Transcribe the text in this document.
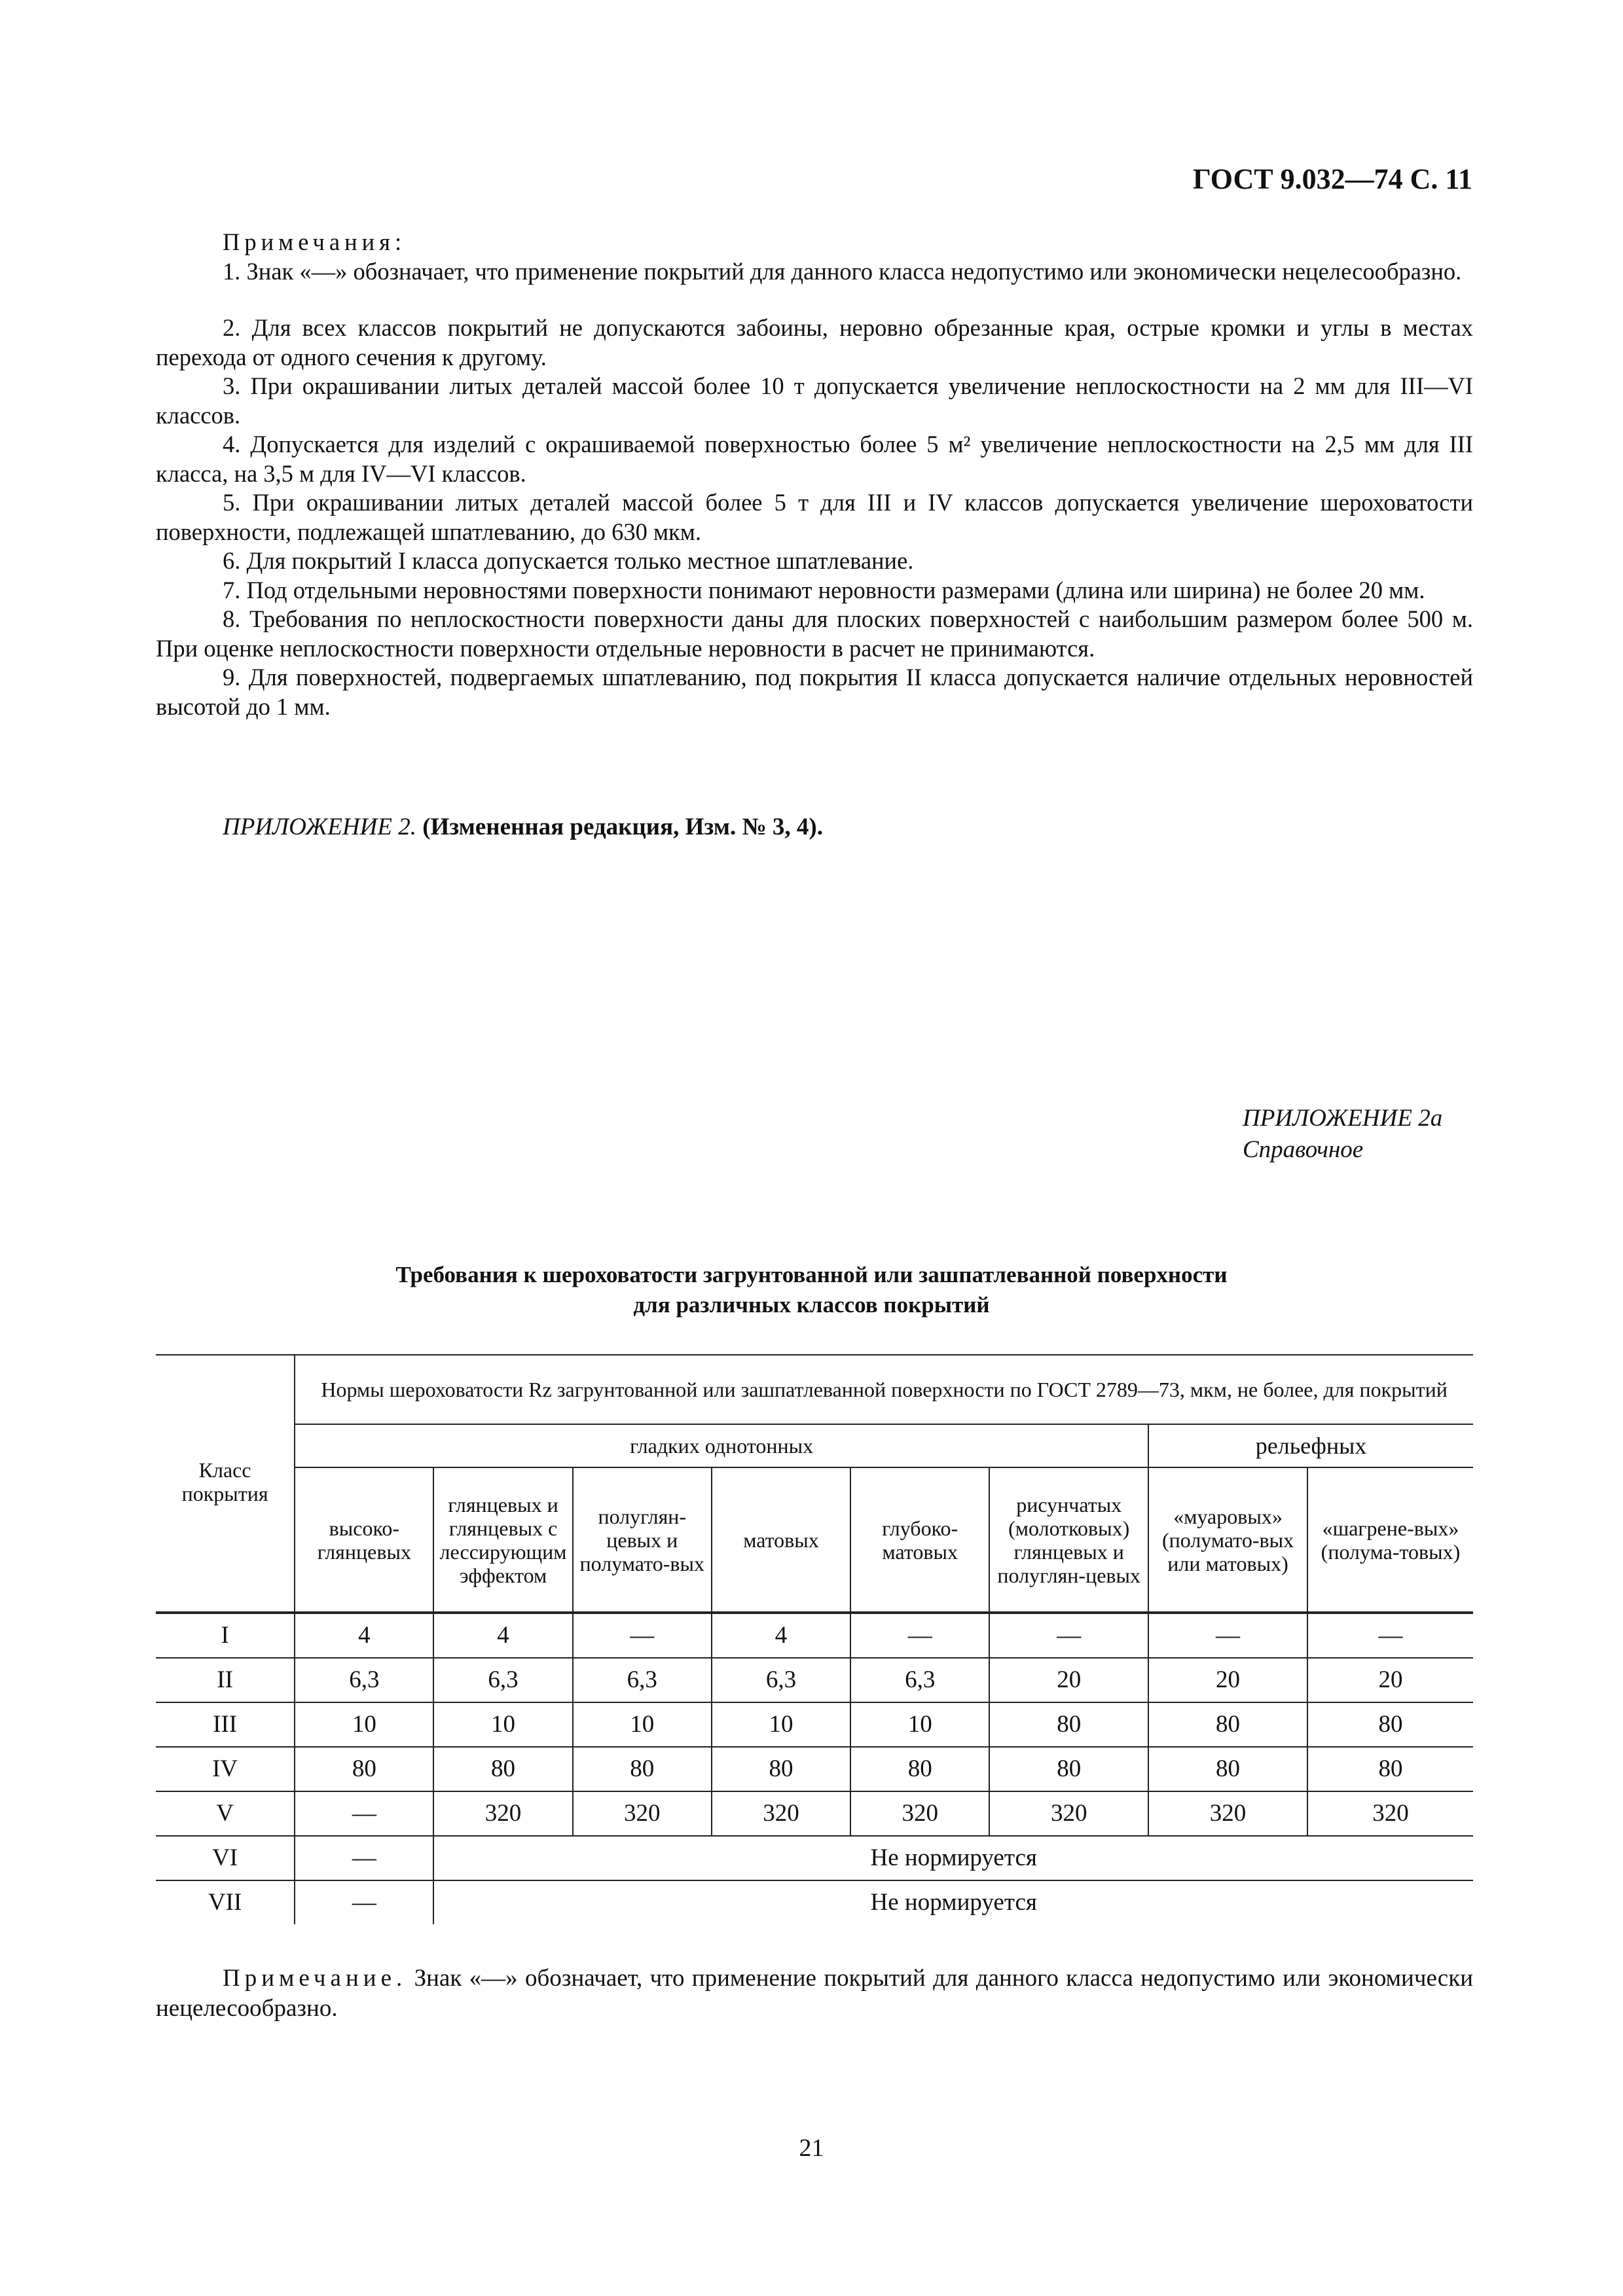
ГОСТ 9.032—74 С. 11

Примечания:

1. Знак «—» обозначает, что применение покрытий для данного класса недопустимо или экономически нецелесообразно.

2. Для всех классов покрытий не допускаются забоины, неровно обрезанные края, острые кромки и углы в местах перехода от одного сечения к другому.

3. При окрашивании литых деталей массой более 10 т допускается увеличение неплоскостности на 2 мм для III—VI классов.

4. Допускается для изделий с окрашиваемой поверхностью более 5 м² увеличение неплоскостности на 2,5 мм для III класса, на 3,5 м для IV—VI классов.

5. При окрашивании литых деталей массой более 5 т для III и IV классов допускается увеличение шероховатости поверхности, подлежащей шпатлеванию, до 630 мкм.

6. Для покрытий I класса допускается только местное шпатлевание.

7. Под отдельными неровностями поверхности понимают неровности размерами (длина или ширина) не более 20 мм.

8. Требования по неплоскостности поверхности даны для плоских поверхностей с наибольшим размером более 500 м. При оценке неплоскостности поверхности отдельные неровности в расчет не принимаются.

9. Для поверхностей, подвергаемых шпатлеванию, под покрытия II класса допускается наличие отдельных неровностей высотой до 1 мм.

ПРИЛОЖЕНИЕ 2. (Измененная редакция, Изм. № 3, 4).
ПРИЛОЖЕНИЕ 2а
Справочное
Требования к шероховатости загрунтованной или зашпатлеванной поверхности
для различных классов покрытий
Класс покрытия	Нормы шероховатости Rz загрунтованной или зашпатлеванной поверхности по ГОСТ 2789—73, мкм, не более, для покрытий							
	гладких однотонных						рельефных	
	высоко-глянцевых	глянцевых и глянцевых с лессирующим эффектом	полуглян-цевых и полумато-вых	матовых	глубоко-матовых	рисунчатых (молотковых) глянцевых и полуглян-цевых	«муаровых» (полумато-вых или матовых)	«шагрене-вых» (полума-товых)
I	4	4	—	4	—	—	—	—
II	6,3	6,3	6,3	6,3	6,3	20	20	20
III	10	10	10	10	10	80	80	80
IV	80	80	80	80	80	80	80	80
V	—	320	320	320	320	320	320	320
VI	—	Не нормируется						
VII	—	Не нормируется						
Примечание. Знак «—» обозначает, что применение покрытий для данного класса недопустимо или экономически нецелесообразно.
21
